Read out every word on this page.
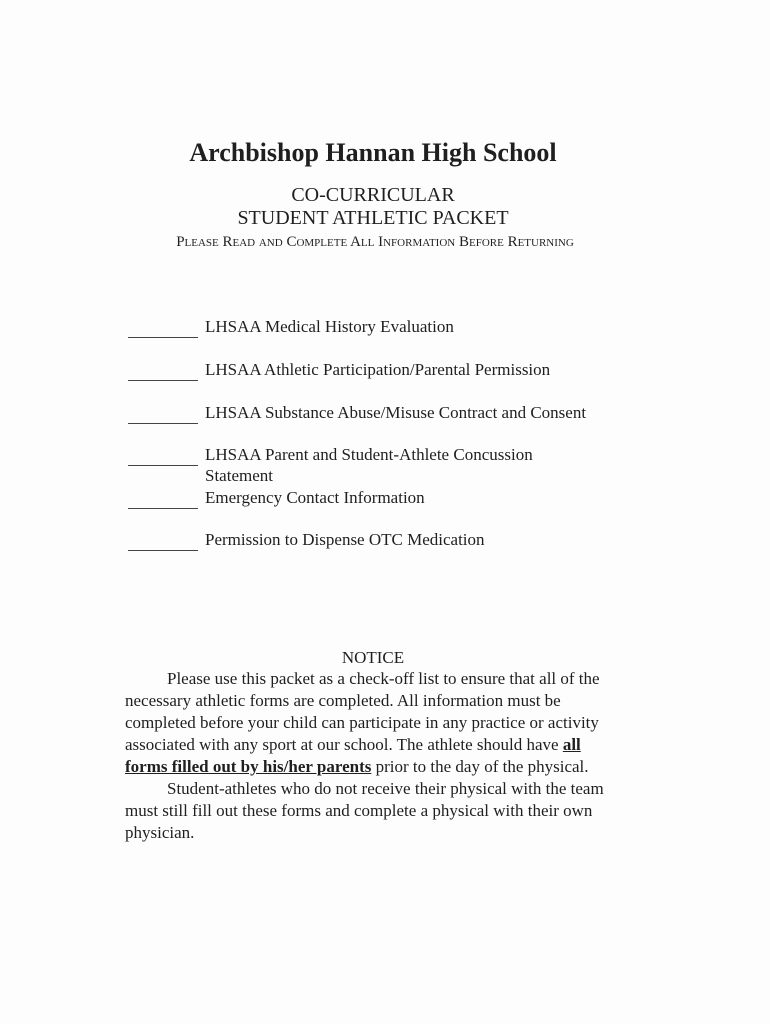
Archbishop Hannan High School
CO-CURRICULAR
STUDENT ATHLETIC PACKET
Please Read and Complete All Information Before Returning
LHSAA Medical History Evaluation
LHSAA Athletic Participation/Parental Permission
LHSAA Substance Abuse/Misuse Contract and Consent
LHSAA Parent and Student-Athlete Concussion Statement
Emergency Contact Information
Permission to Dispense OTC Medication
NOTICE

Please use this packet as a check-off list to ensure that all of the necessary athletic forms are completed. All information must be completed before your child can participate in any practice or activity associated with any sport at our school. The athlete should have all forms filled out by his/her parents prior to the day of the physical.

Student-athletes who do not receive their physical with the team must still fill out these forms and complete a physical with their own physician.
